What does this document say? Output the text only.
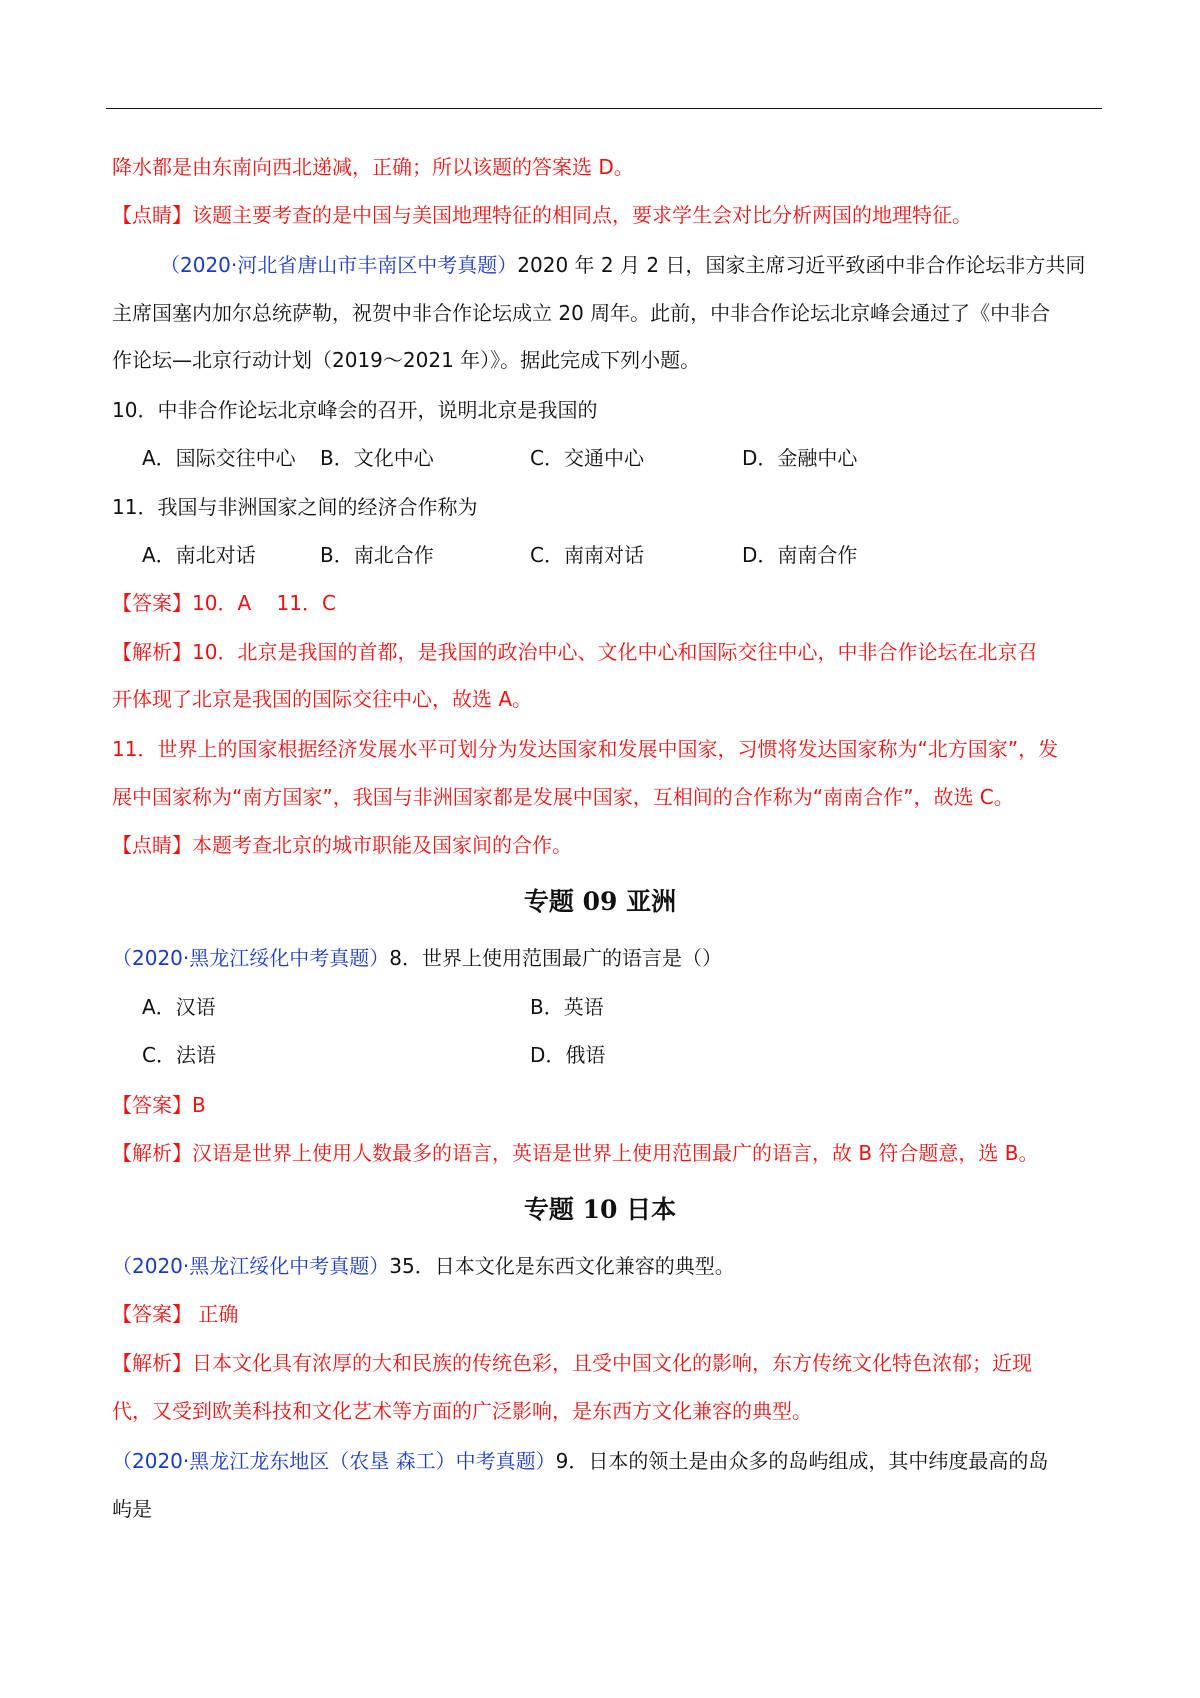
降水都是由东南向西北递减，正确；所以该题的答案选 D。
【点睛】该题主要考查的是中国与美国地理特征的相同点，要求学生会对比分析两国的地理特征。
（2020·河北省唐山市丰南区中考真题）2020 年 2 月 2 日，国家主席习近平致函中非合作论坛非方共同
主席国塞内加尔总统萨勒，祝贺中非合作论坛成立 20 周年。此前，中非合作论坛北京峰会通过了《中非合
作论坛—北京行动计划（2019～2021 年）》。据此完成下列小题。
10．中非合作论坛北京峰会的召开，说明北京是我国的
A．国际交往中心 B．文化中心	C．交通中心	D．金融中心
11．我国与非洲国家之间的经济合作称为
A．南北对话	B．南北合作	C．南南对话	D．南南合作
【答案】10．A    11．C
【解析】10．北京是我国的首都，是我国的政治中心、文化中心和国际交往中心，中非合作论坛在北京召
开体现了北京是我国的国际交往中心，故选 A。
11．世界上的国家根据经济发展水平可划分为发达国家和发展中国家，习惯将发达国家称为“北方国家”，发
展中国家称为“南方国家”，我国与非洲国家都是发展中国家，互相间的合作称为“南南合作”，故选 C。
【点睛】本题考查北京的城市职能及国家间的合作。
专题 09 亚洲
（2020·黑龙江绥化中考真题）8．世界上使用范围最广的语言是（）
A．汉语	B．英语
C．法语	D．俄语
【答案】B
【解析】汉语是世界上使用人数最多的语言，英语是世界上使用范围最广的语言，故 B 符合题意，选 B。
专题 10 日本
（2020·黑龙江绥化中考真题）35．日本文化是东西文化兼容的典型。
【答案】 正确
【解析】日本文化具有浓厚的大和民族的传统色彩，且受中国文化的影响，东方传统文化特色浓郁；近现
代，又受到欧美科技和文化艺术等方面的广泛影响，是东西方文化兼容的典型。
（2020·黑龙江龙东地区（农垦 森工）中考真题）9．日本的领土是由众多的岛屿组成，其中纬度最高的岛
屿是
